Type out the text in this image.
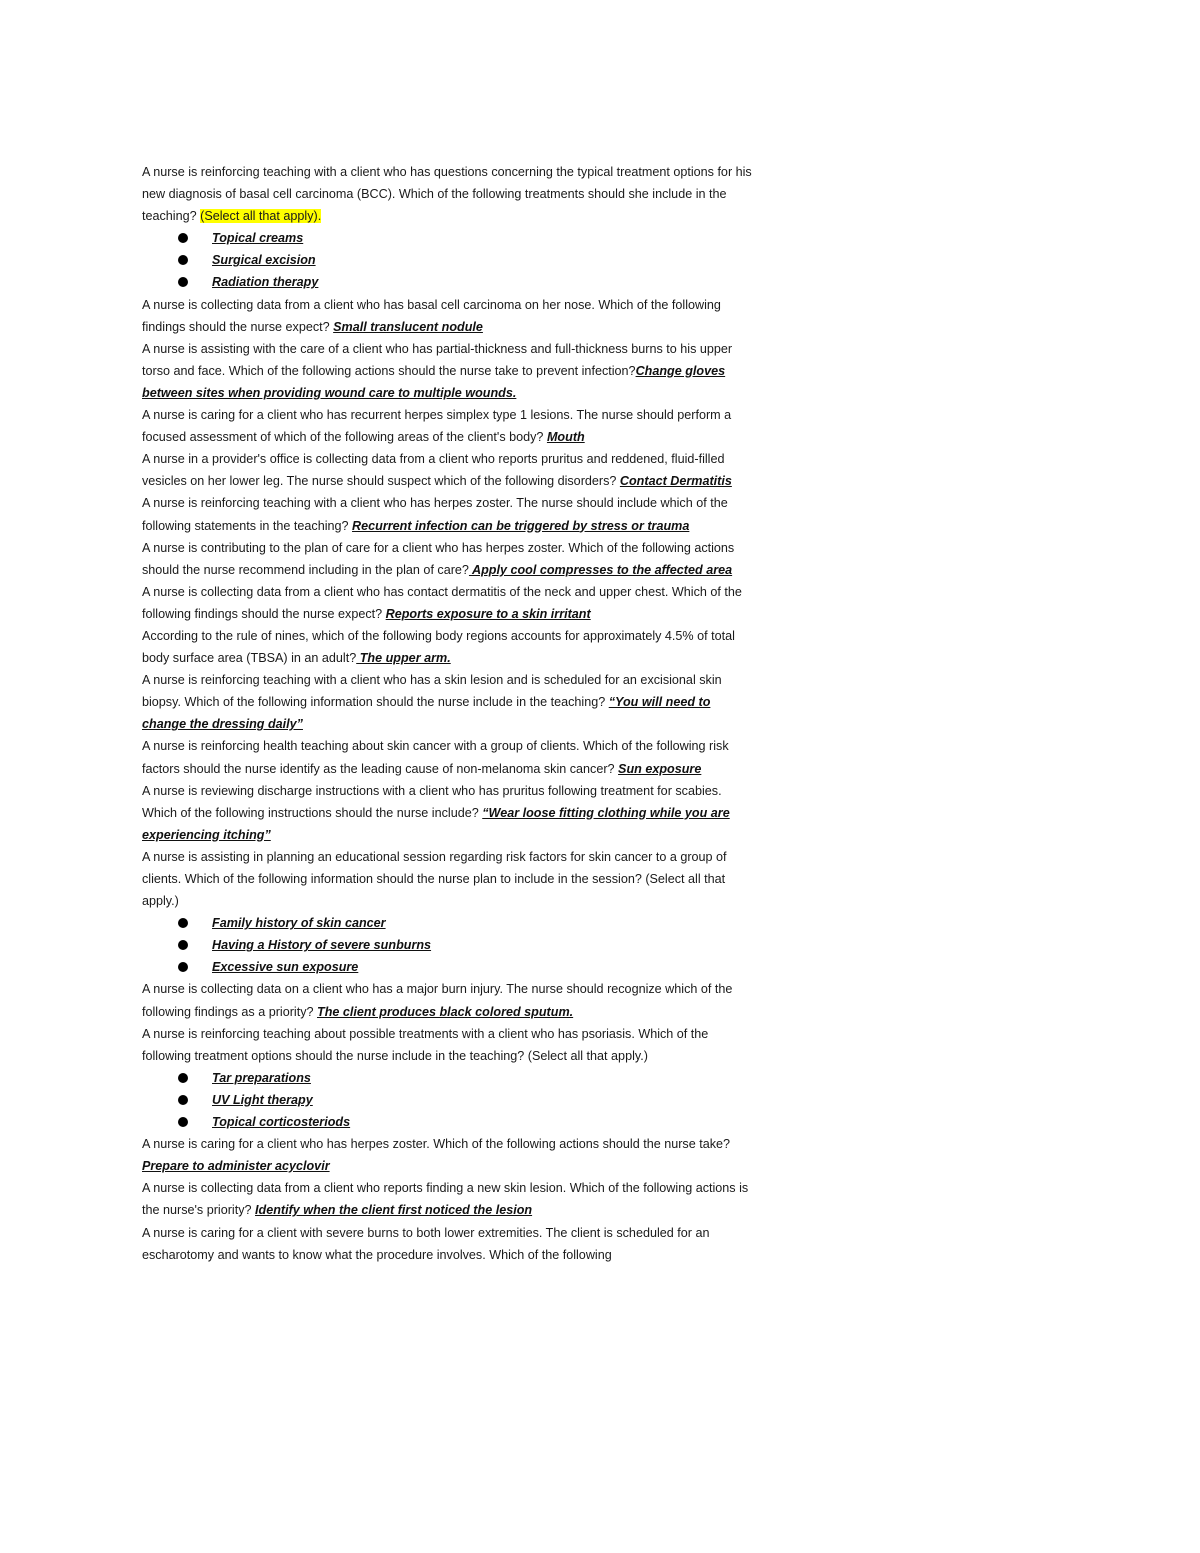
A nurse is reinforcing teaching with a client who has questions concerning the typical treatment options for his new diagnosis of basal cell carcinoma (BCC). Which of the following treatments should she include in the teaching? (Select all that apply).

Topical creams
Surgical excision
Radiation therapy

A nurse is collecting data from a client who has basal cell carcinoma on her nose. Which of the following findings should the nurse expect? Small translucent nodule

A nurse is assisting with the care of a client who has partial-thickness and full-thickness burns to his upper torso and face. Which of the following actions should the nurse take to prevent infection?Change gloves between sites when providing wound care to multiple wounds.

A nurse is caring for a client who has recurrent herpes simplex type 1 lesions. The nurse should perform a focused assessment of which of the following areas of the client's body? Mouth

A nurse in a provider's office is collecting data from a client who reports pruritus and reddened, fluid-filled vesicles on her lower leg. The nurse should suspect which of the following disorders? Contact Dermatitis

A nurse is reinforcing teaching with a client who has herpes zoster. The nurse should include which of the following statements in the teaching? Recurrent infection can be triggered by stress or trauma

A nurse is contributing to the plan of care for a client who has herpes zoster. Which of the following actions should the nurse recommend including in the plan of care? Apply cool compresses to the affected area

A nurse is collecting data from a client who has contact dermatitis of the neck and upper chest. Which of the following findings should the nurse expect? Reports exposure to a skin irritant

According to the rule of nines, which of the following body regions accounts for approximately 4.5% of total body surface area (TBSA) in an adult? The upper arm.

A nurse is reinforcing teaching with a client who has a skin lesion and is scheduled for an excisional skin biopsy. Which of the following information should the nurse include in the teaching? “You will need to change the dressing daily”

A nurse is reinforcing health teaching about skin cancer with a group of clients. Which of the following risk factors should the nurse identify as the leading cause of non-melanoma skin cancer? Sun exposure

A nurse is reviewing discharge instructions with a client who has pruritus following treatment for scabies. Which of the following instructions should the nurse include? “Wear loose fitting clothing while you are experiencing itching”

A nurse is assisting in planning an educational session regarding risk factors for skin cancer to a group of clients. Which of the following information should the nurse plan to include in the session? (Select all that apply.)

Family history of skin cancer
Having a History of severe sunburns
Excessive sun exposure

A nurse is collecting data on a client who has a major burn injury. The nurse should recognize which of the following findings as a priority? The client produces black colored sputum.

A nurse is reinforcing teaching about possible treatments with a client who has psoriasis. Which of the following treatment options should the nurse include in the teaching? (Select all that apply.)

Tar preparations
UV Light therapy
Topical corticosteriods

A nurse is caring for a client who has herpes zoster. Which of the following actions should the nurse take? Prepare to administer acyclovir

A nurse is collecting data from a client who reports finding a new skin lesion. Which of the following actions is the nurse's priority? Identify when the client first noticed the lesion

A nurse is caring for a client with severe burns to both lower extremities. The client is scheduled for an escharotomy and wants to know what the procedure involves. Which of the following
